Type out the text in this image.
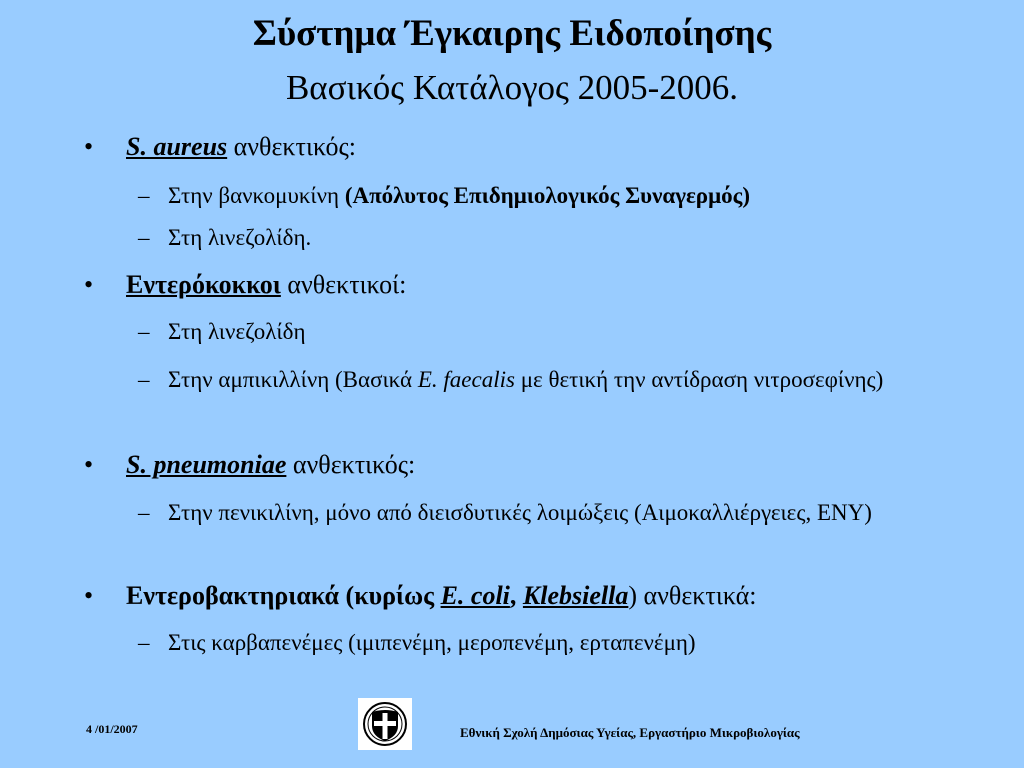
Σύστημα Έγκαιρης Ειδοποίησης
Βασικός Κατάλογος 2005-2006.
• S. aureus ανθεκτικός:
– Στην βανκομυκίνη (Απόλυτος Επιδημιολογικός Συναγερμός)
– Στη λινεζολίδη.
• Εντερόκοκκοι ανθεκτικοί:
– Στη λινεζολίδη
– Στην αμπικιλλίνη (Βασικά E. faecalis με θετική την αντίδραση νιτροσεφίνης)
• S. pneumoniae ανθεκτικός:
– Στην πενικιλίνη, μόνο από διεισδυτικές λοιμώξεις (Αιμοκαλλιέργειες, ΕΝΥ)
• Εντεροβακτηριακά (κυρίως E. coli, Klebsiella) ανθεκτικά:
– Στις καρβαπενέμες (ιμιπενέμη, μεροπενέμη, ερταπενέμη)
4 /01/2007	Εθνική Σχολή Δημόσιας Υγείας, Εργαστήριο Μικροβιολογίας
